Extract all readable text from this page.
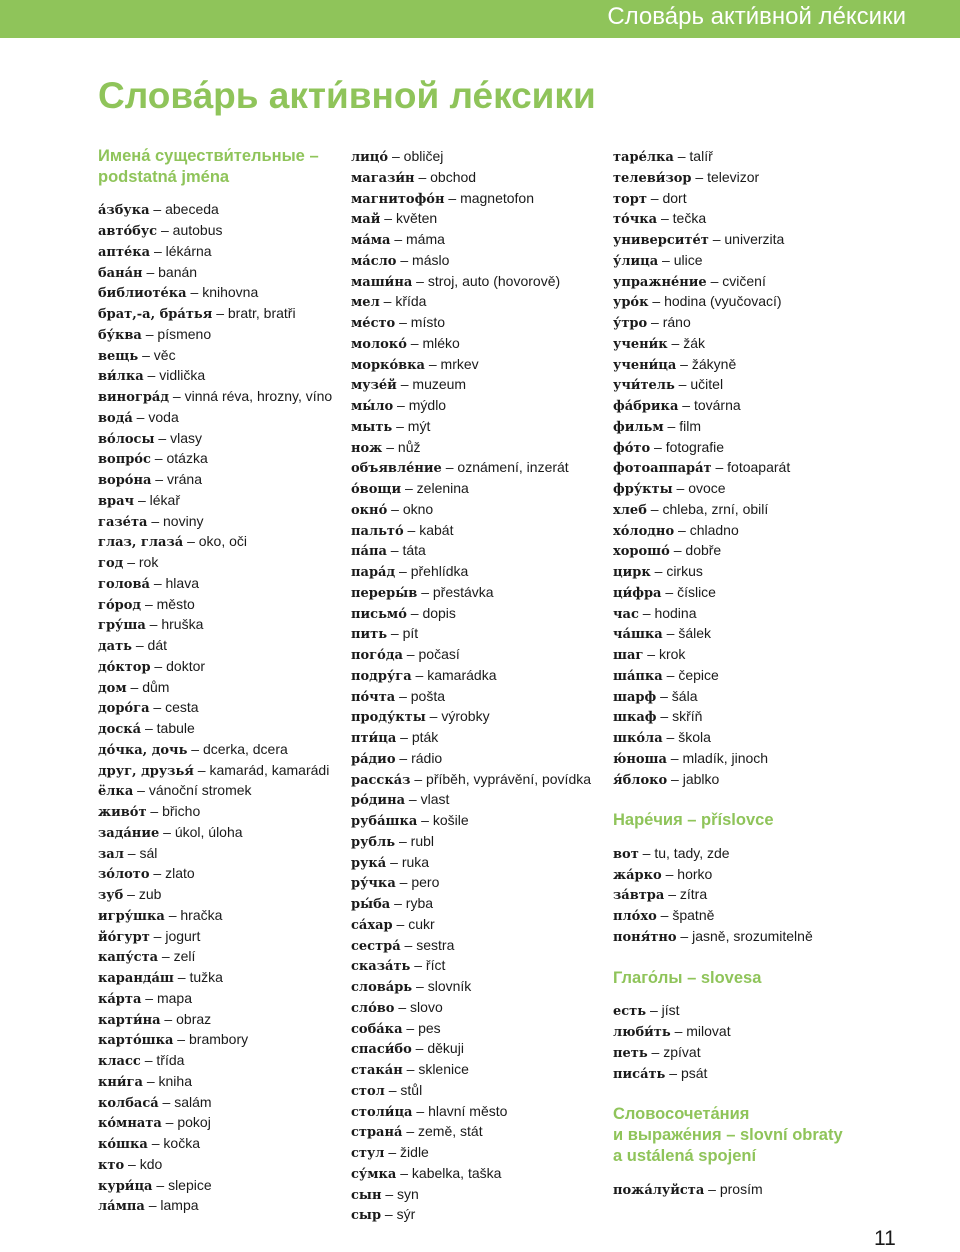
Слова́рь акти́вной ле́ксики
Слова́рь акти́вной ле́ксики
Имена́ существи́тельные –
podstatná jména
а́збука – abeceda
авто́бус – autobus
апте́ка – lékárna
бана́н – banán
библиоте́ка – knihovna
брат,-а, бра́тья – bratr, bratři
бу́ква – písmeno
вещь – věc
ви́лка – vidlička
виногра́д – vinná réva, hrozny, víno
вода́ – voda
во́лосы – vlasy
вопро́с – otázka
воро́на – vrána
врач – lékař
газе́та – noviny
глаз, глаза́ – oko, oči
год – rok
голова́ – hlava
го́род – město
гру́ша – hruška
дать – dát
до́ктор – doktor
дом – dům
доро́га – cesta
доска́ – tabule
до́чка, дочь – dcerka, dcera
друг, друзья́ – kamarád, kamarádi
ёлка – vánoční stromek
живо́т – břicho
зада́ние – úkol, úloha
зал – sál
зо́лото – zlato
зуб – zub
игру́шка – hračka
йо́гурт – jogurt
капу́ста – zelí
каранда́ш – tužka
ка́рта – mapa
карти́на – obraz
карто́шка – brambory
класс – třída
кни́га – kniha
колбаса́ – salám
ко́мната – pokoj
ко́шка – kočka
кто – kdo
кури́ца – slepice
ла́мпа – lampa
лицо́ – obličej
магази́н – obchod
магнитофо́н – magnetofon
май – květen
ма́ма – máma
ма́сло – máslo
маши́на – stroj, auto (hovorově)
мел – křída
ме́сто – místo
молоко́ – mléko
морко́вка – mrkev
музе́й – muzeum
мы́ло – mýdlo
мыть – mýt
нож – nůž
объявле́ние – oznámení, inzerát
о́вощи – zelenina
окно́ – okno
пальто́ – kabát
па́па – táta
пара́д – přehlídka
переры́в – přestávka
письмо́ – dopis
пить – pít
пого́да – počasí
подру́га – kamarádka
по́чта – pošta
проду́кты – výrobky
пти́ца – pták
ра́дио – rádio
расска́з – příběh, vyprávění, povídka
ро́дина – vlast
руба́шка – košile
рубль – rubl
рука́ – ruka
ру́чка – pero
ры́ба – ryba
са́хар – cukr
сестра́ – sestra
сказа́ть – říct
слова́рь – slovník
сло́во – slovo
соба́ка – pes
спаси́бо – děkuji
стака́н – sklenice
стол – stůl
столи́ца – hlavní město
страна́ – země, stát
стул – židle
су́мка – kabelka, taška
сын – syn
сыр – sýr
таре́лка – talíř
телеви́зор – televizor
торт – dort
то́чка – tečka
университе́т – univerzita
у́лица – ulice
упражне́ние – cvičení
уро́к – hodina (vyučovací)
у́тро – ráno
учени́к – žák
учени́ца – žákyně
учи́тель – učitel
фа́брика – továrna
фильм – film
фо́то – fotografie
фотоаппара́т – fotoaparát
фру́кты – ovoce
хлеб – chleba, zrní, obilí
хо́лодно – chladno
хорошо́ – dobře
цирк – cirkus
ци́фра – číslice
час – hodina
ча́шка – šálek
шаг – krok
ша́пка – čepice
шарф – šála
шкаф – skříň
шко́ла – škola
ю́ноша – mladík, jinoch
я́блоко – jablko
Наре́чия – příslovce
вот – tu, tady, zde
жа́рко – horko
за́втра – zítra
пло́хо – špatně
поня́тно – jasně, srozumitelně
Глаго́лы – slovesa
есть – jíst
люби́ть – milovat
петь – zpívat
писа́ть – psát
Словосочета́ния
и выраже́ния – slovní obraty
a ustálená spojení
пожа́луйста – prosím
11
